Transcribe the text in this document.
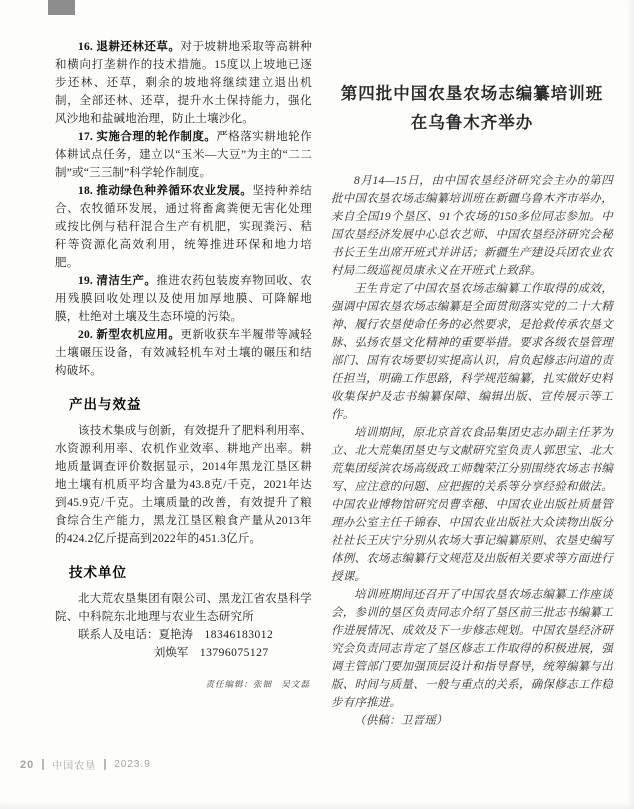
16. 退耕还林还草。对于坡耕地采取等高耕种和横向打垄耕作的技术措施。15度以上坡地已逐步还林、还草，剩余的坡地将继续建立退出机制，全部还林、还草，提升水土保持能力，强化风沙地和盐碱地治理，防止土壤沙化。

17. 实施合理的轮作制度。严格落实耕地轮作体耕试点任务，建立以“玉米—大豆”为主的“二二制”或“三三制”科学轮作制度。

18. 推动绿色种养循环农业发展。坚持种养结合、农牧循环发展，通过将畜禽粪便无害化处理或按比例与秸秆混合生产有机肥，实现粪污、秸秆等资源化高效利用，统筹推进环保和地力培肥。

19. 清洁生产。推进农药包装废弃物回收、农用残膜回收处理以及使用加厚地膜、可降解地膜，杜绝对土壤及生态环境的污染。

20. 新型农机应用。更新收获车半履带等减轻土壤碾压设备，有效减轻机车对土壤的碾压和结构破坏。

产出与效益

该技术集成与创新，有效提升了肥料利用率、水资源利用率、农机作业效率、耕地产出率。耕地质量调查评价数据显示，2014年黑龙江垦区耕地土壤有机质平均含量为43.8克/千克，2021年达到45.9克/千克。土壤质量的改善，有效提升了粮食综合生产能力，黑龙江垦区粮食产量从2013年的424.2亿斤提高到2022年的451.3亿斤。

技术单位

北大荒农垦集团有限公司、黑龙江省农垦科学院、中科院东北地理与农业生态研究所

联系人及电话：夏艳涛 18346183012

刘焕军 13796075127

责任编辑：张钿　吴文磊

第四批中国农垦农场志编纂培训班
在乌鲁木齐举办

8月14—15日，由中国农垦经济研究会主办的第四批中国农垦农场志编纂培训班在新疆乌鲁木齐市举办，来自全国19个垦区、91个农场的150多位同志参加。中国农垦经济发展中心总农艺师、中国农垦经济研究会秘书长王生出席开班式并讲话；新疆生产建设兵团农业农村局二级巡视员康永义在开班式上致辞。

王生肯定了中国农垦农场志编纂工作取得的成效，强调中国农垦农场志编纂是全面贯彻落实党的二十大精神、履行农垦使命任务的必然要求，是抢救传承农垦文脉、弘扬农垦文化精神的重要举措。要求各级农垦管理部门、国有农场要切实提高认识，肩负起修志问道的责任担当，明确工作思路，科学规范编纂，扎实做好史料收集保护及志书编纂保障、编辑出版、宣传展示等工作。

培训期间，原北京首农食品集团史志办副主任茅为立、北大荒集团垦史与文献研究室负责人郭思宝、北大荒集团绥滨农场高级政工师魏荣江分别围绕农场志书编写、应注意的问题、应把握的关系等分享经验和做法。中国农业博物馆研究员曹幸穗、中国农业出版社质量管理办公室主任千锦春、中国农业出版社大众读物出版分社社长王庆宁分别从农场大事记编纂原则、农垦史编写体例、农场志编纂行文规范及出版相关要求等方面进行授课。

培训班期间还召开了中国农垦农场志编纂工作座谈会，参训的垦区负责同志介绍了垦区前三批志书编纂工作进展情况、成效及下一步修志规划。中国农垦经济研究会负责同志肯定了垦区修志工作取得的积极进展，强调主管部门要加强顶层设计和指导督导，统筹编纂与出版、时间与质量、一般与重点的关系，确保修志工作稳步有序推进。

（供稿：卫晋瑶）

20 中国农垦 2023.9
